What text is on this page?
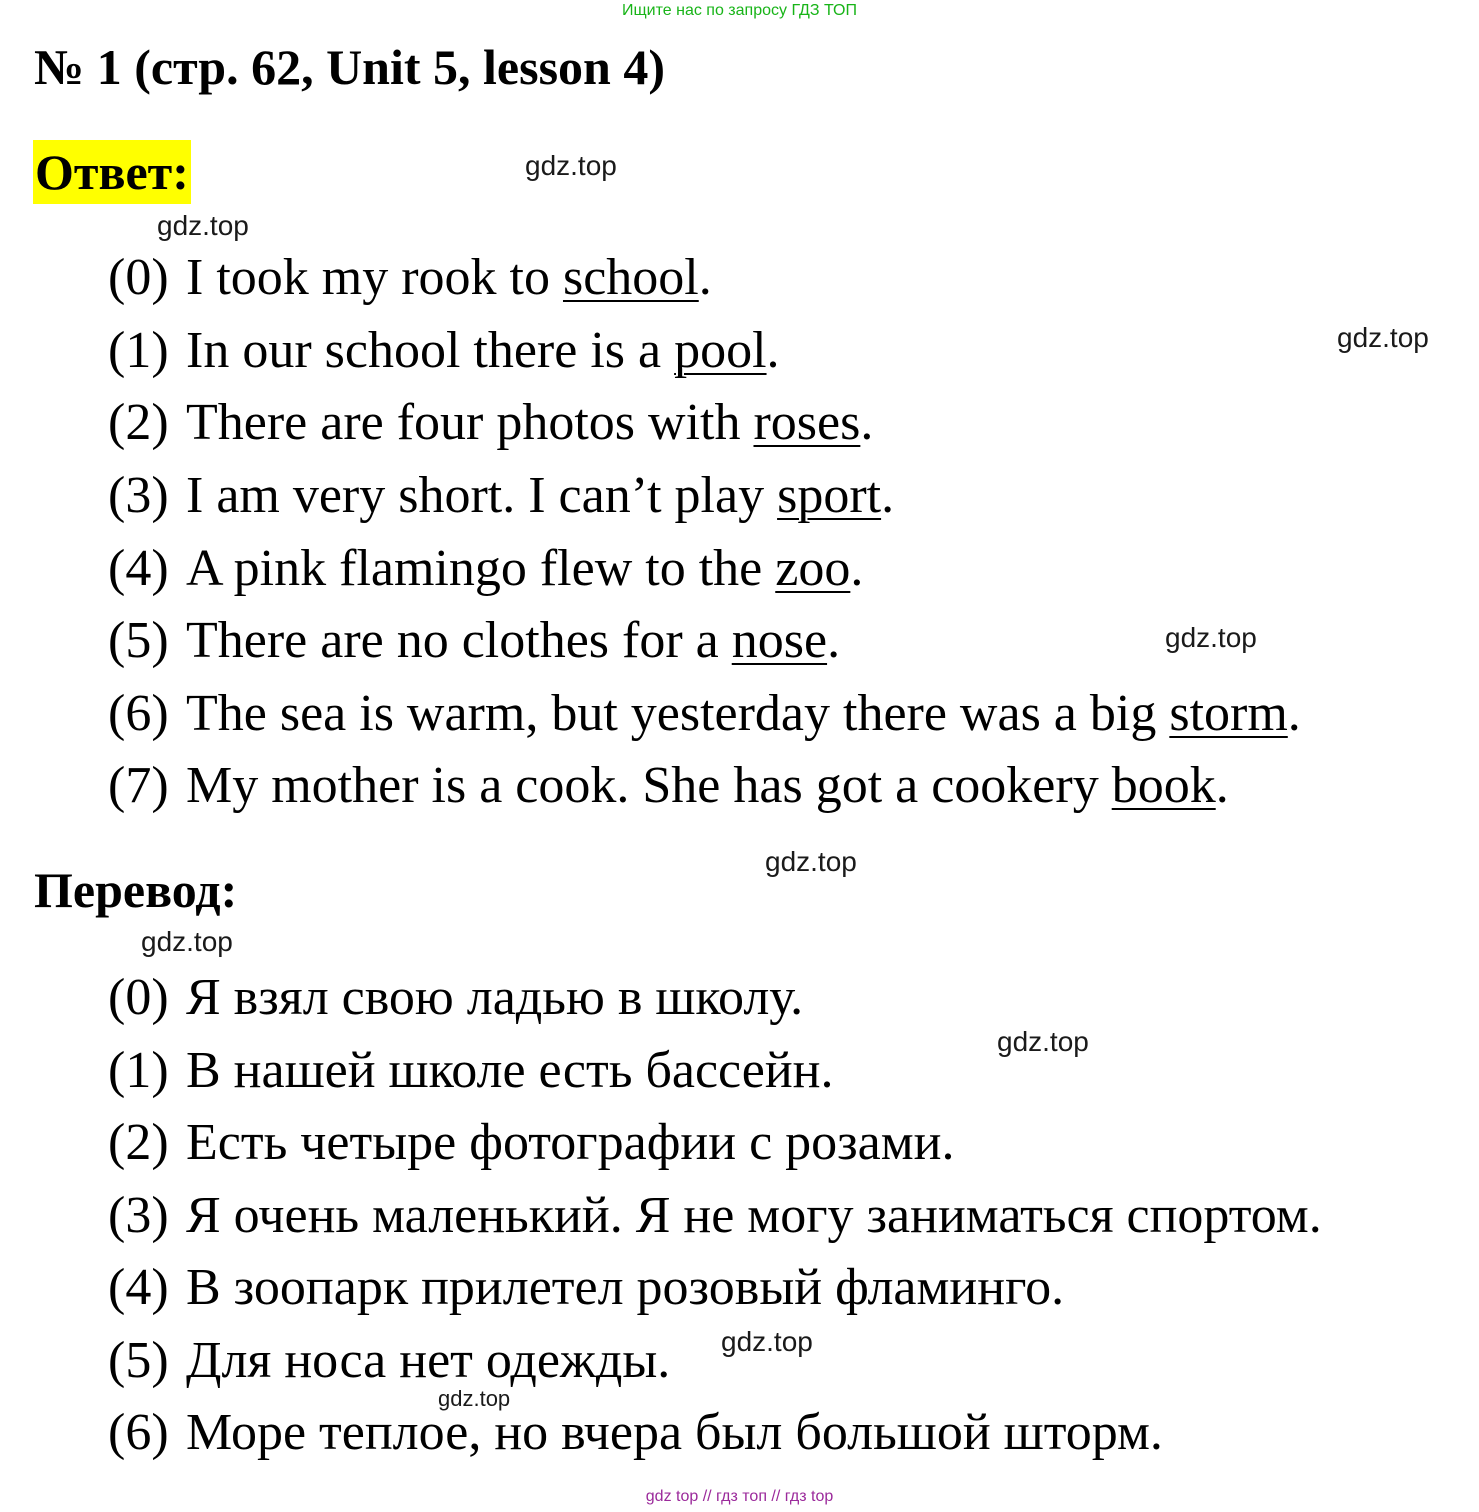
Ищите нас по запросу ГДЗ ТОП
№ 1 (стр. 62, Unit 5, lesson 4)
Ответ:
(0) I took my rook to school.
(1) In our school there is a pool.
(2) There are four photos with roses.
(3) I am very short. I can’t play sport.
(4) A pink flamingo flew to the zoo.
(5) There are no clothes for a nose.
(6) The sea is warm, but yesterday there was a big storm.
(7) My mother is a cook. She has got a cookery book.
Перевод:
(0) Я взял свою ладью в школу.
(1) В нашей школе есть бассейн.
(2) Есть четыре фотографии с розами.
(3) Я очень маленький. Я не могу заниматься спортом.
(4) В зоопарк прилетел розовый фламинго.
(5) Для носа нет одежды.
(6) Море теплое, но вчера был большой шторм.
gdz.top
gdz.top
gdz.top
gdz.top
gdz.top
gdz.top
gdz.top
gdz.top
gdz.top
gdz top // гдз топ // гдз top
